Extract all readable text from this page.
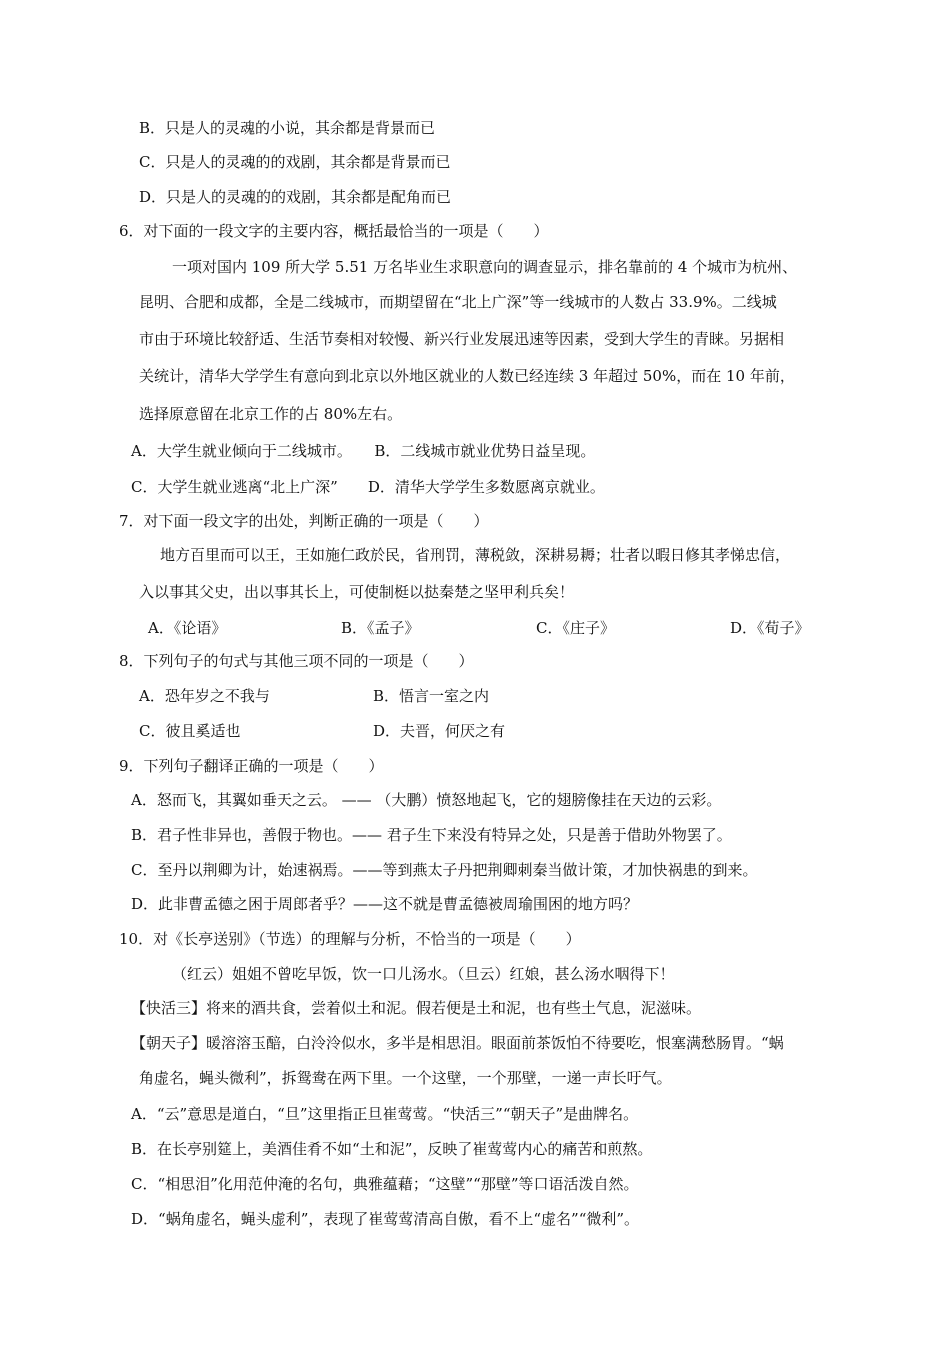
B．只是人的灵魂的小说，其余都是背景而已
C．只是人的灵魂的的戏剧，其余都是背景而已
D．只是人的灵魂的的戏剧，其余都是配角而已
6．对下面的一段文字的主要内容，概括最恰当的一项是（　　）
一项对国内 109 所大学 5.51 万名毕业生求职意向的调查显示，排名靠前的 4 个城市为杭州、
昆明、合肥和成都，全是二线城市，而期望留在“北上广深”等一线城市的人数占 33.9%。二线城
市由于环境比较舒适、生活节奏相对较慢、新兴行业发展迅速等因素，受到大学生的青睐。另据相
关统计，清华大学学生有意向到北京以外地区就业的人数已经连续 3 年超过 50%，而在 10 年前，
选择原意留在北京工作的占 80%左右。
A．大学生就业倾向于二线城市。　　B．二线城市就业优势日益呈现。
C．大学生就业逃离“北上广深”　　D．清华大学学生多数愿离京就业。
7．对下面一段文字的出处，判断正确的一项是（　　）
地方百里而可以王，王如施仁政於民，省刑罚，薄税敛，深耕易耨；壮者以暇日修其孝悌忠信，
入以事其父史，出以事其长上，可使制梃以挞秦楚之坚甲利兵矣！
A．《论语》	B．《孟子》	C．《庄子》	D．《荀子》
8．下列句子的句式与其他三项不同的一项是（　　）
A．恐年岁之不我与	B．悟言一室之内
C．彼且奚适也	D．夫晋，何厌之有
9．下列句子翻译正确的一项是（　　）
A．怒而飞，其翼如垂天之云。 —— （大鹏）愤怒地起飞，它的翅膀像挂在天边的云彩。
B．君子性非异也，善假于物也。—— 君子生下来没有特异之处，只是善于借助外物罢了。
C．至丹以荆卿为计，始速祸焉。——等到燕太子丹把荆卿刺秦当做计策，才加快祸患的到来。
D．此非曹孟德之困于周郎者乎？——这不就是曹孟德被周瑜围困的地方吗？
10．对《长亭送别》（节选）的理解与分析，不恰当的一项是（　　）
（红云）姐姐不曾吃早饭，饮一口儿汤水。（旦云）红娘，甚么汤水咽得下！
【快活三】将来的酒共食，尝着似土和泥。假若便是土和泥，也有些土气息，泥滋味。
【朝天子】暖溶溶玉醅，白泠泠似水，多半是相思泪。眼面前茶饭怕不待要吃，恨塞满愁肠胃。“蜗
角虚名，蝇头微利”，拆鸳鸯在两下里。一个这壁，一个那壁，一递一声长吁气。
A．“云”意思是道白，“旦”这里指正旦崔莺莺。“快活三”“朝天子”是曲牌名。
B．在长亭别筵上，美酒佳肴不如“土和泥”，反映了崔莺莺内心的痛苦和煎熬。
C．“相思泪”化用范仲淹的名句，典雅蕴藉；“这壁”“那壁”等口语活泼自然。
D．“蜗角虚名，蝇头虚利”，表现了崔莺莺清高自傲，看不上“虚名”“微利”。
